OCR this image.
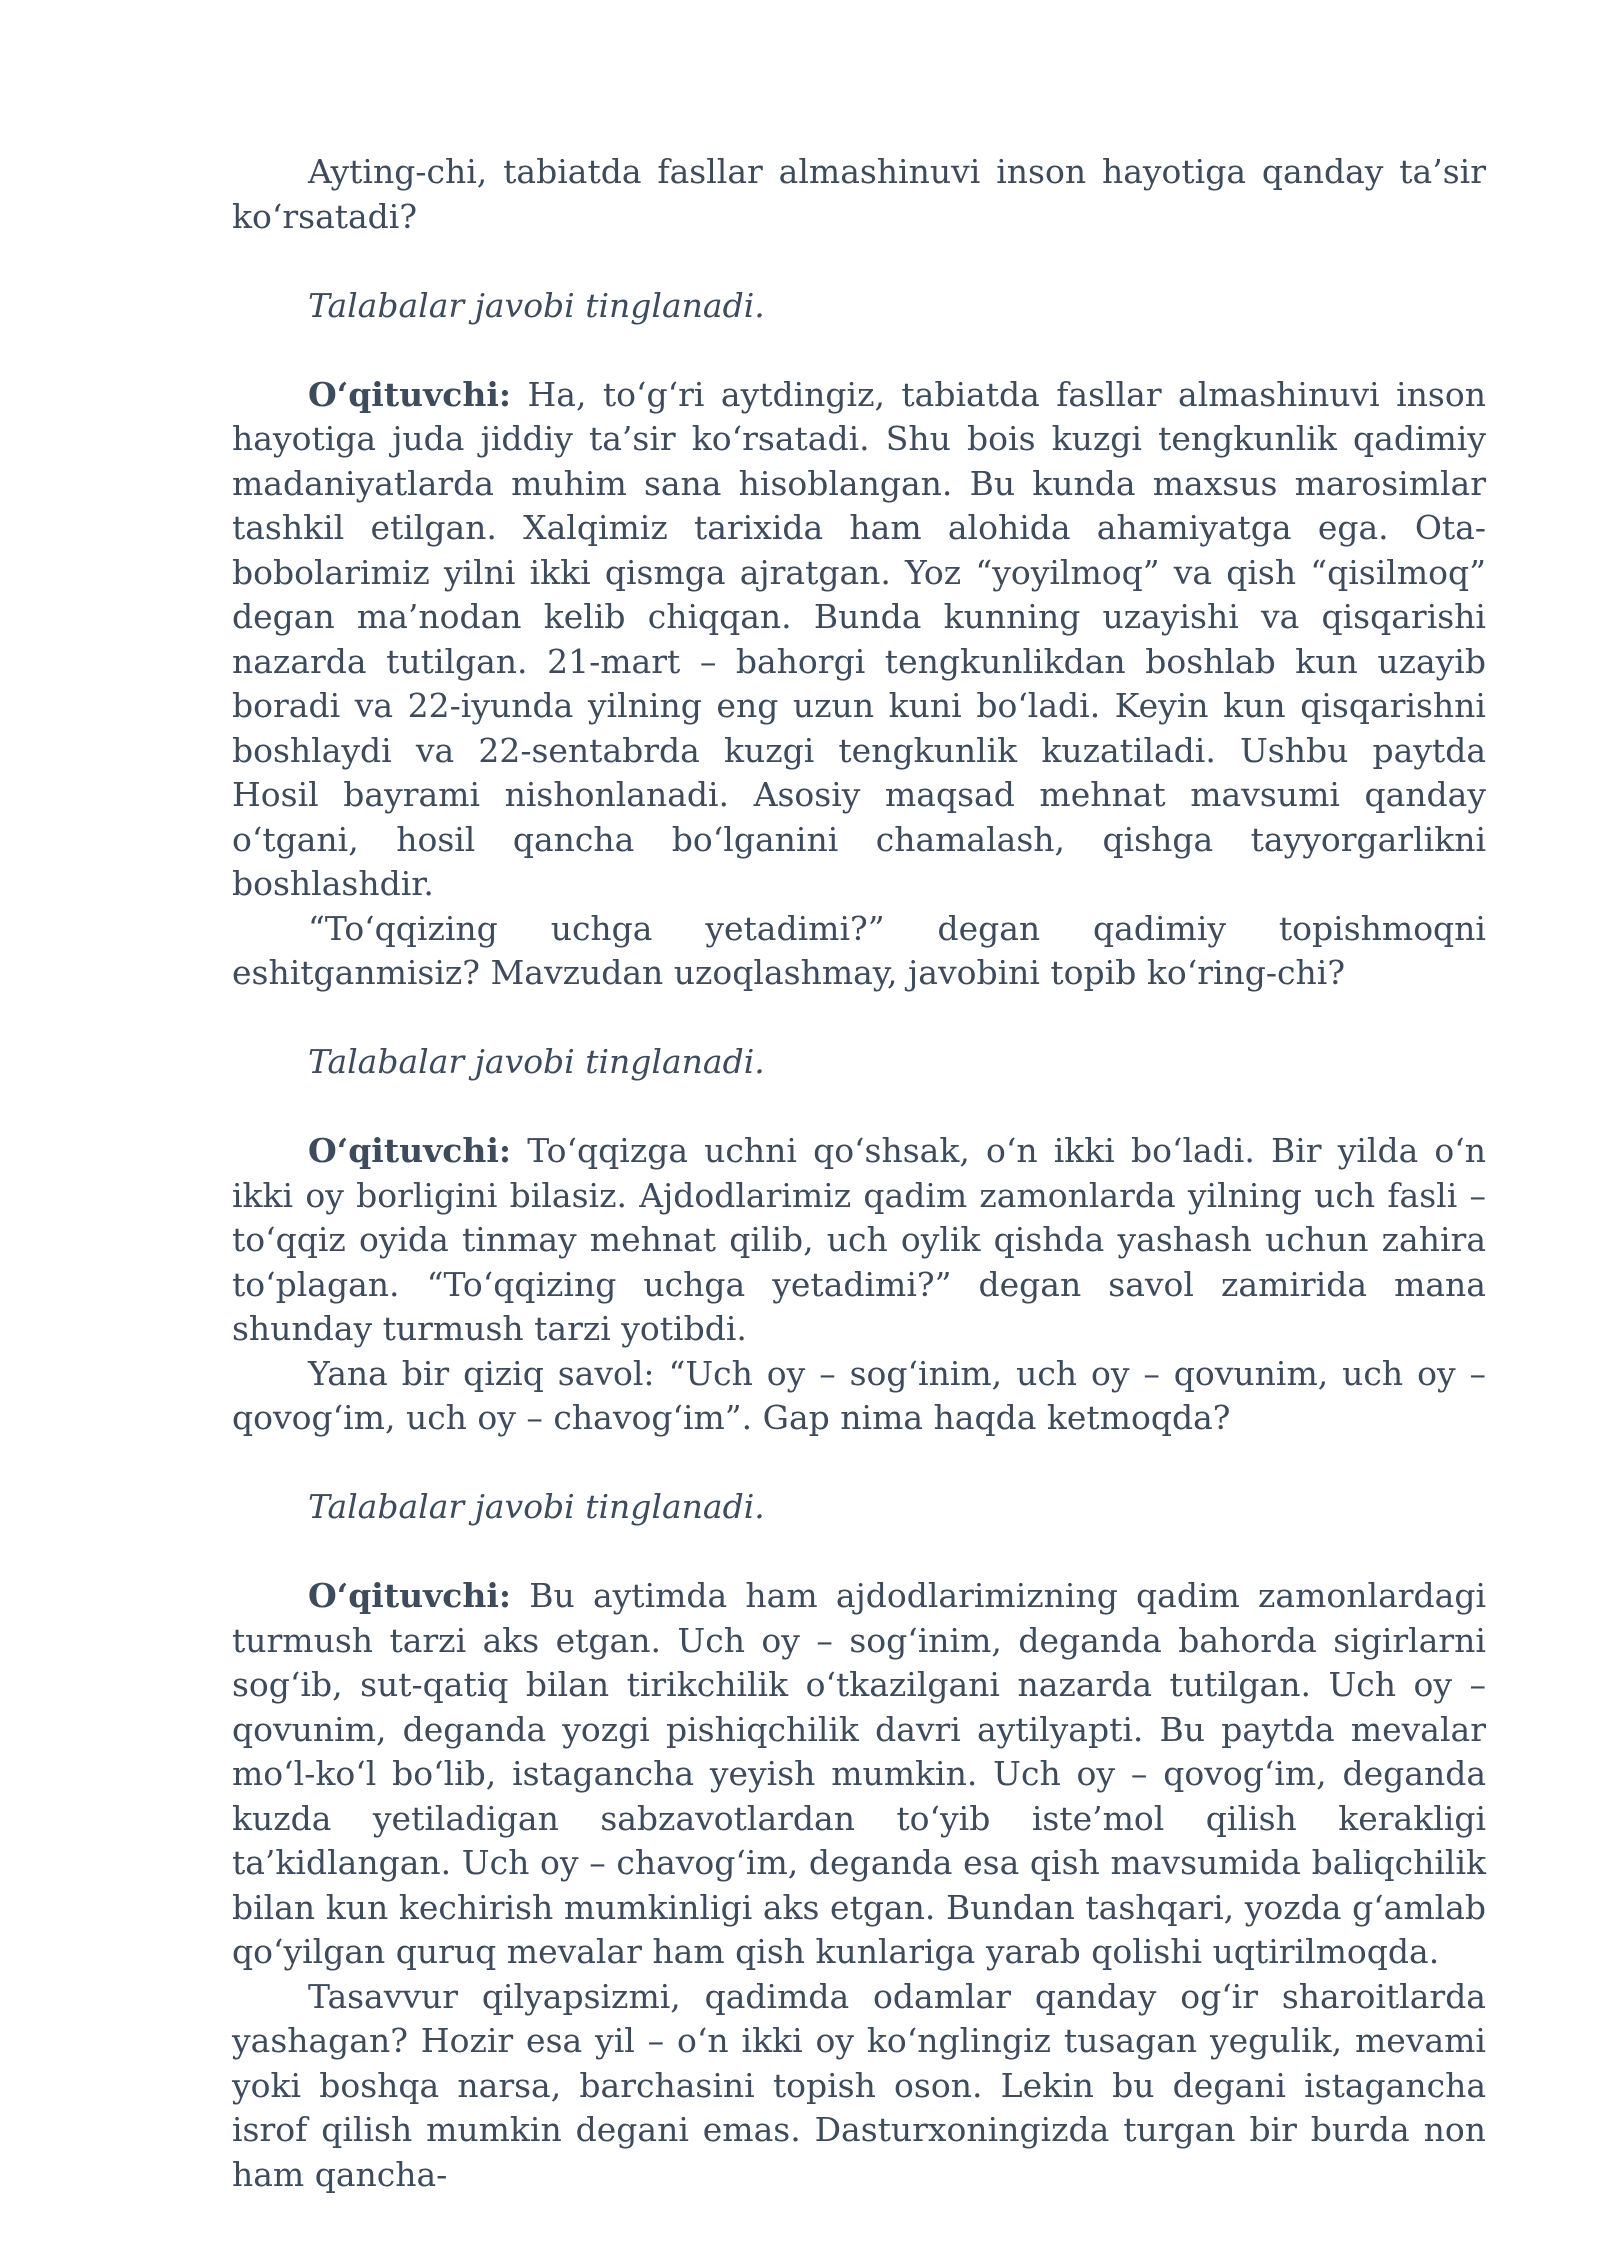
Ayting-chi, tabiatda fasllar almashinuvi inson hayotiga qanday ta’sir ko‘rsatadi?

Talabalar javobi tinglanadi.

O‘qituvchi: Ha, to‘g‘ri aytdingiz, tabiatda fasllar almashinuvi inson hayotiga juda jiddiy ta’sir ko‘rsatadi. Shu bois kuzgi tengkunlik qadimiy madaniyatlarda muhim sana hisoblangan. Bu kunda maxsus marosimlar tashkil etilgan. Xalqimiz tarixida ham alohida ahamiyatga ega. Ota-bobolarimiz yilni ikki qismga ajratgan. Yoz “yoyilmoq” va qish “qisilmoq” degan ma’nodan kelib chiqqan. Bunda kunning uzayishi va qisqarishi nazarda tutilgan. 21-mart – bahorgi tengkunlikdan boshlab kun uzayib boradi va 22-iyunda yilning eng uzun kuni bo‘ladi. Keyin kun qisqarishni boshlaydi va 22-sentabrda kuzgi tengkunlik kuzatiladi. Ushbu paytda Hosil bayrami nishonlanadi. Asosiy maqsad mehnat mavsumi qanday o‘tgani, hosil qancha bo‘lganini chamalash, qishga tayyorgarlikni boshlashdir.

“To‘qqizing uchga yetadimi?” degan qadimiy topishmoqni eshitganmisiz? Mavzudan uzoqlashmay, javobini topib ko‘ring-chi?

Talabalar javobi tinglanadi.

O‘qituvchi: To‘qqizga uchni qo‘shsak, o‘n ikki bo‘ladi. Bir yilda o‘n ikki oy borligini bilasiz. Ajdodlarimiz qadim zamonlarda yilning uch fasli – to‘qqiz oyida tinmay mehnat qilib, uch oylik qishda yashash uchun zahira to‘plagan. “To‘qqizing uchga yetadimi?” degan savol zamirida mana shunday turmush tarzi yotibdi.

Yana bir qiziq savol: “Uch oy – sog‘inim, uch oy – qovunim, uch oy – qovog‘im, uch oy – chavog‘im”. Gap nima haqda ketmoqda?

Talabalar javobi tinglanadi.

O‘qituvchi: Bu aytimda ham ajdodlarimizning qadim zamonlardagi turmush tarzi aks etgan. Uch oy – sog‘inim, deganda bahorda sigirlarni sog‘ib, sut-qatiq bilan tirikchilik o‘tkazilgani nazarda tutilgan. Uch oy – qovunim, deganda yozgi pishiqchilik davri aytilyapti. Bu paytda mevalar mo‘l-ko‘l bo‘lib, istagancha yeyish mumkin. Uch oy – qovog‘im, deganda kuzda yetiladigan sabzavotlardan to‘yib iste’mol qilish kerakligi ta’kidlangan. Uch oy – chavog‘im, deganda esa qish mavsumida baliqchilik bilan kun kechirish mumkinligi aks etgan. Bundan tashqari, yozda g‘amlab qo‘yilgan quruq mevalar ham qish kunlariga yarab qolishi uqtirilmoqda.

Tasavvur qilyapsizmi, qadimda odamlar qanday og‘ir sharoitlarda yashagan? Hozir esa yil – o‘n ikki oy ko‘nglingiz tusagan yegulik, mevami yoki boshqa narsa, barchasini topish oson. Lekin bu degani istagancha isrof qilish mumkin degani emas. Dasturxoningizda turgan bir burda non ham qancha-
